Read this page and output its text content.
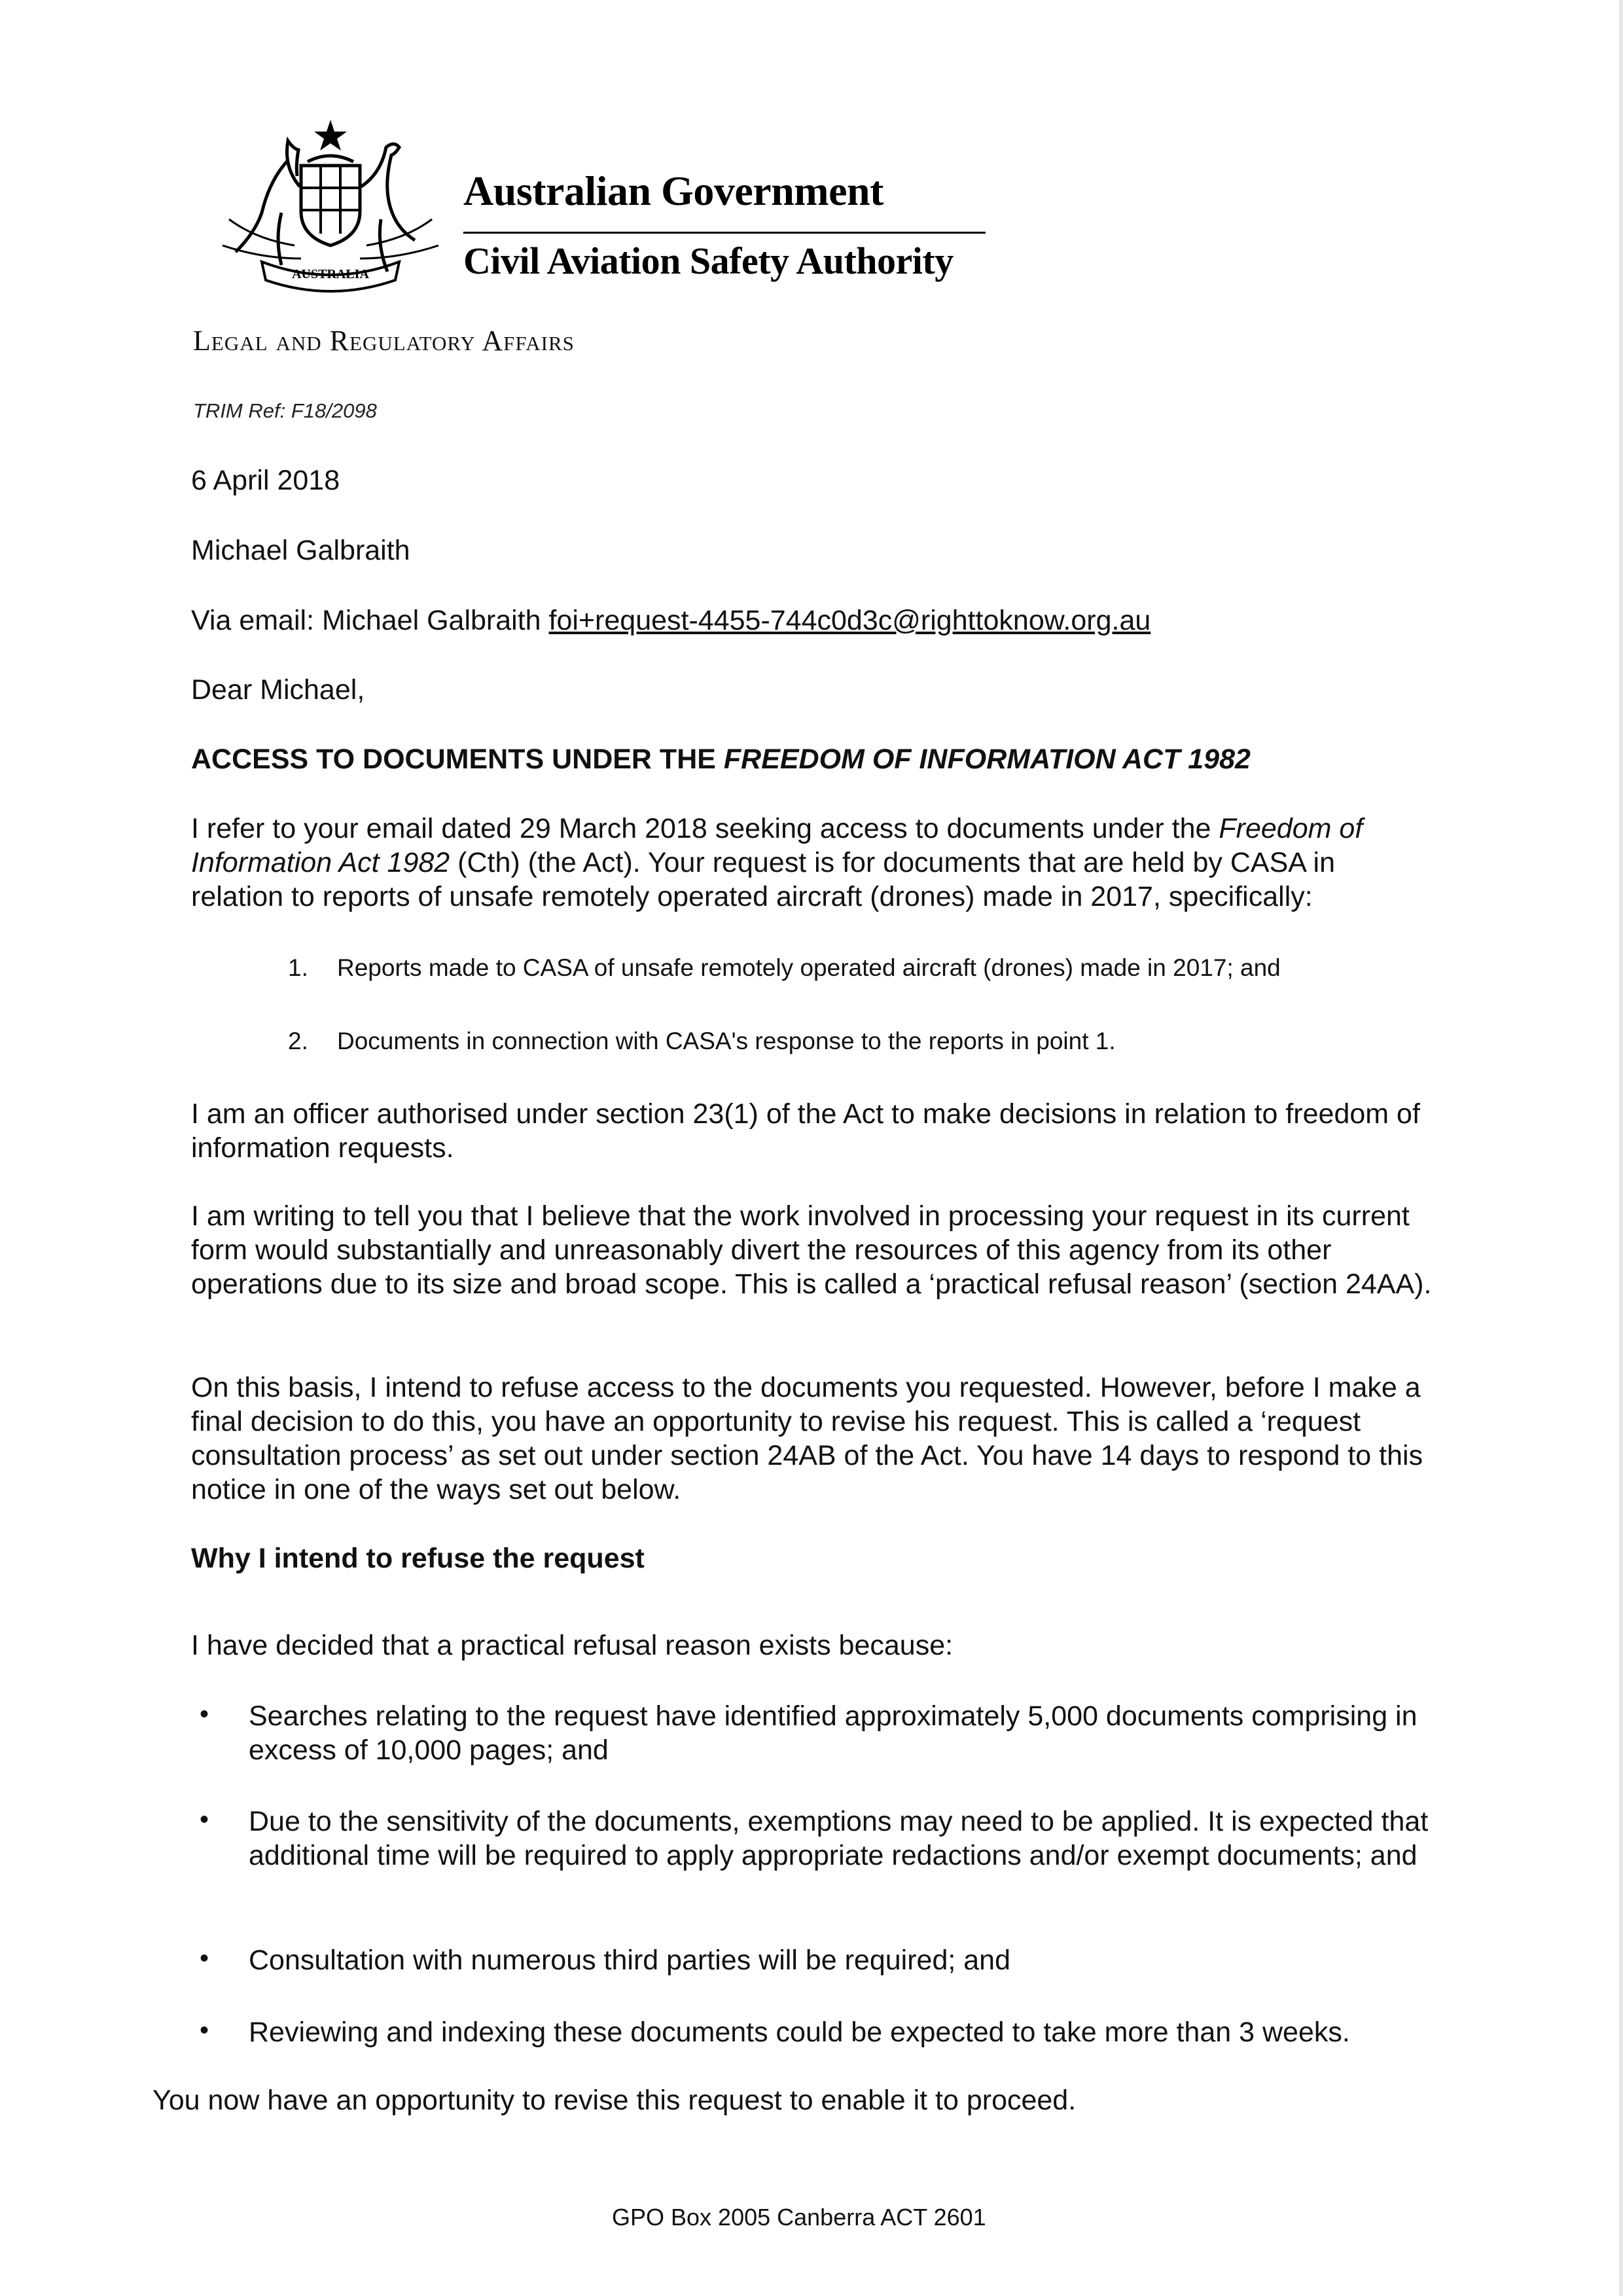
AUSTRALIA
Australian Government
Civil Aviation Safety Authority
Legal and Regulatory Affairs
TRIM Ref: F18/2098
6 April 2018
Michael Galbraith
Via email: Michael Galbraith foi+request-4455-744c0d3c@righttoknow.org.au
Dear Michael,
ACCESS TO DOCUMENTS UNDER THE FREEDOM OF INFORMATION ACT 1982
I refer to your email dated 29 March 2018 seeking access to documents under the Freedom of Information Act 1982 (Cth) (the Act). Your request is for documents that are held by CASA in relation to reports of unsafe remotely operated aircraft (drones) made in 2017, specifically:
1. Reports made to CASA of unsafe remotely operated aircraft (drones) made in 2017; and
2. Documents in connection with CASA's response to the reports in point 1.
I am an officer authorised under section 23(1) of the Act to make decisions in relation to freedom of information requests.
I am writing to tell you that I believe that the work involved in processing your request in its current form would substantially and unreasonably divert the resources of this agency from its other operations due to its size and broad scope. This is called a ‘practical refusal reason’ (section 24AA).
On this basis, I intend to refuse access to the documents you requested. However, before I make a final decision to do this, you have an opportunity to revise his request. This is called a ‘request consultation process’ as set out under section 24AB of the Act. You have 14 days to respond to this notice in one of the ways set out below.
Why I intend to refuse the request
I have decided that a practical refusal reason exists because:
• Searches relating to the request have identified approximately 5,000 documents comprising in excess of 10,000 pages; and
• Due to the sensitivity of the documents, exemptions may need to be applied. It is expected that additional time will be required to apply appropriate redactions and/or exempt documents; and
• Consultation with numerous third parties will be required; and
• Reviewing and indexing these documents could be expected to take more than 3 weeks.
You now have an opportunity to revise this request to enable it to proceed.
GPO Box 2005 Canberra ACT 2601
